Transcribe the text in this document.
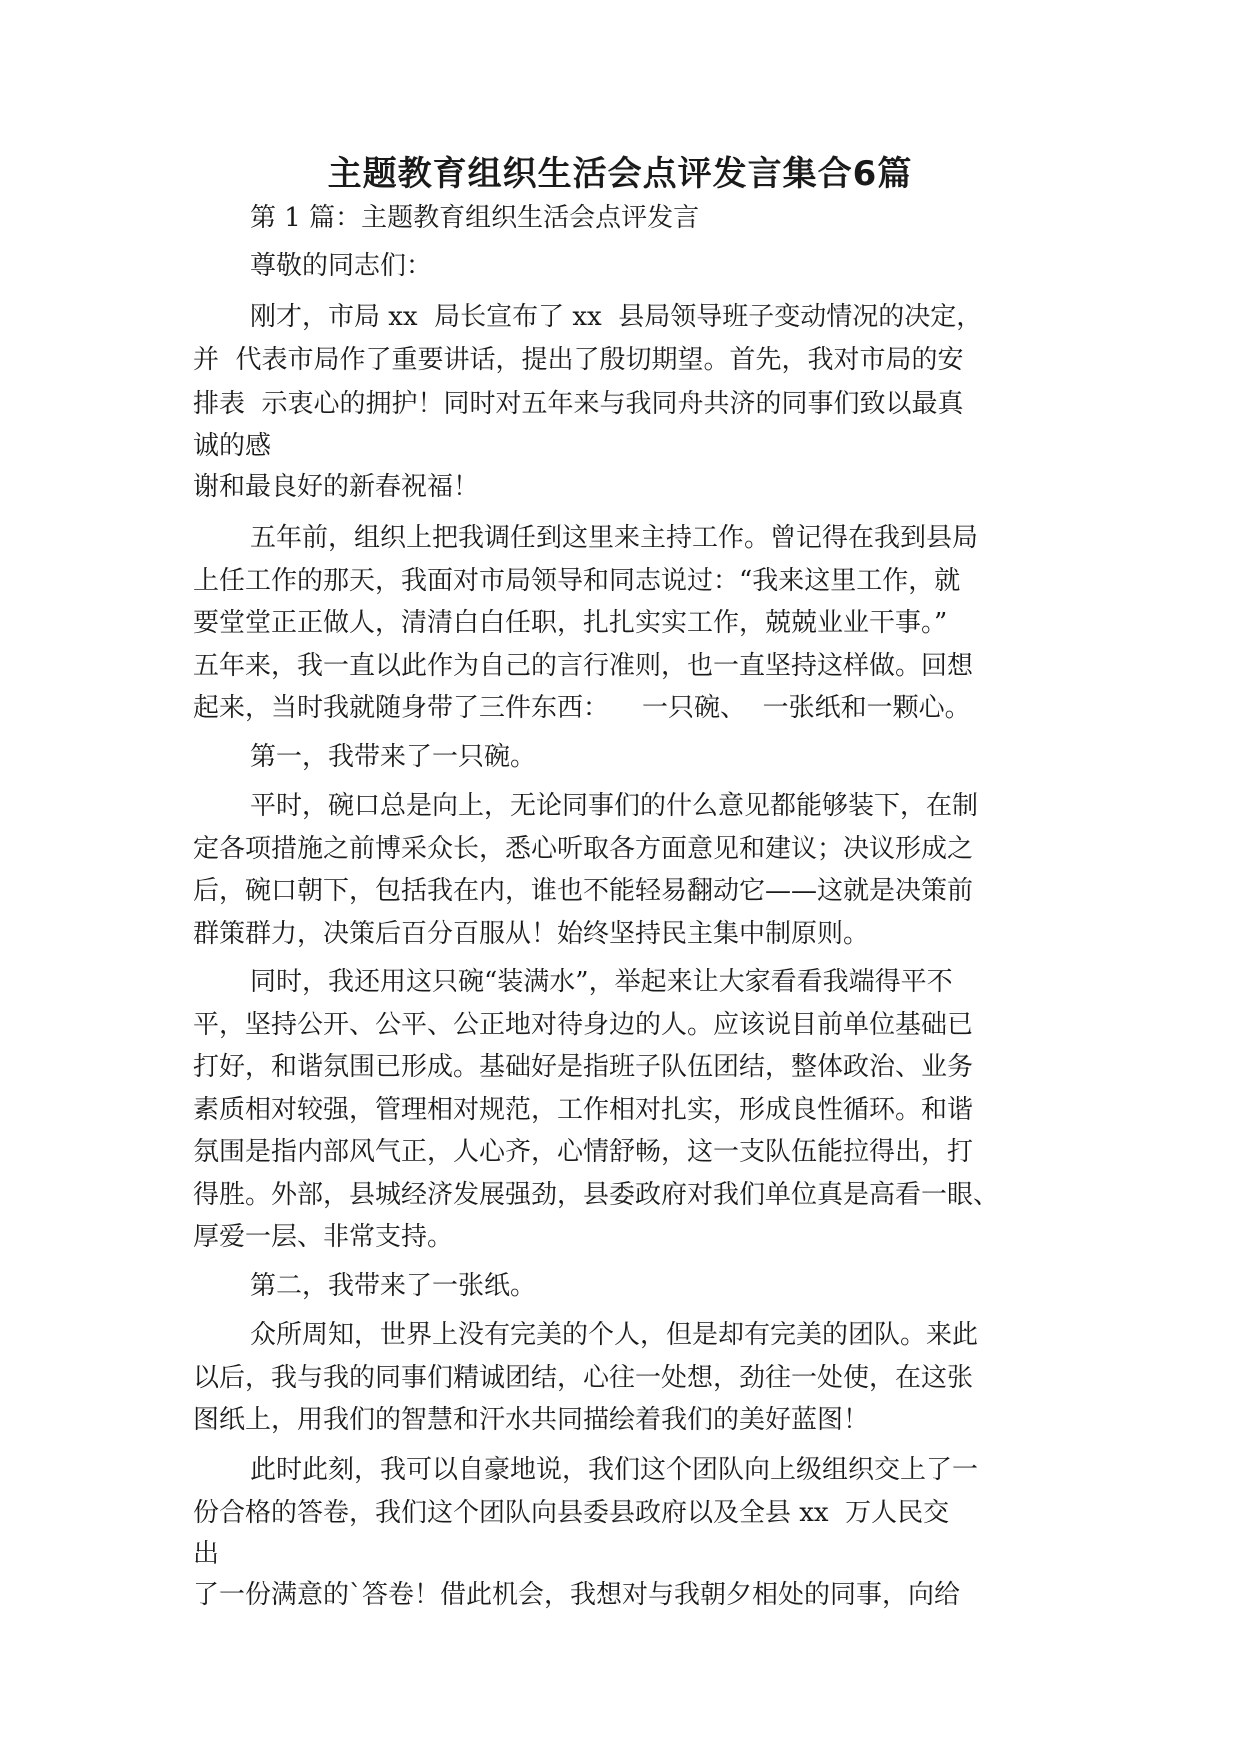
主题教育组织生活会点评发言集合6篇

第 1 篇：主题教育组织生活会点评发言

尊敬的同志们：

刚才，市局 xx  局长宣布了 xx  县局领导班子变动情况的决定，

并  代表市局作了重要讲话，提出了殷切期望。首先，我对市局的安

排表  示衷心的拥护！同时对五年来与我同舟共济的同事们致以最真

诚的感

谢和最良好的新春祝福！

五年前，组织上把我调任到这里来主持工作。曾记得在我到县局

上任工作的那天，我面对市局领导和同志说过：“我来这里工作，就

要堂堂正正做人，清清白白任职，扎扎实实工作，兢兢业业干事。”

五年来，我一直以此作为自己的言行准则，也一直坚持这样做。回想

起来，当时我就随身带了三件东西：    一只碗、  一张纸和一颗心。

第一，我带来了一只碗。

平时，碗口总是向上，无论同事们的什么意见都能够装下，在制

定各项措施之前博采众长，悉心听取各方面意见和建议；决议形成之

后，碗口朝下，包括我在内，谁也不能轻易翻动它——这就是决策前

群策群力，决策后百分百服从！始终坚持民主集中制原则。

同时，我还用这只碗“装满水”，举起来让大家看看我端得平不

平，坚持公开、公平、公正地对待身边的人。应该说目前单位基础已

打好，和谐氛围已形成。基础好是指班子队伍团结，整体政治、业务

素质相对较强，管理相对规范，工作相对扎实，形成良性循环。和谐

氛围是指内部风气正，人心齐，心情舒畅，这一支队伍能拉得出，打

得胜。外部，县城经济发展强劲，县委政府对我们单位真是高看一眼、

厚爱一层、非常支持。

第二，我带来了一张纸。

众所周知，世界上没有完美的个人，但是却有完美的团队。来此

以后，我与我的同事们精诚团结，心往一处想，劲往一处使，在这张

图纸上，用我们的智慧和汗水共同描绘着我们的美好蓝图！

此时此刻，我可以自豪地说，我们这个团队向上级组织交上了一

份合格的答卷，我们这个团队向县委县政府以及全县 xx  万人民交

出

了一份满意的`答卷！借此机会，我想对与我朝夕相处的同事，向给
